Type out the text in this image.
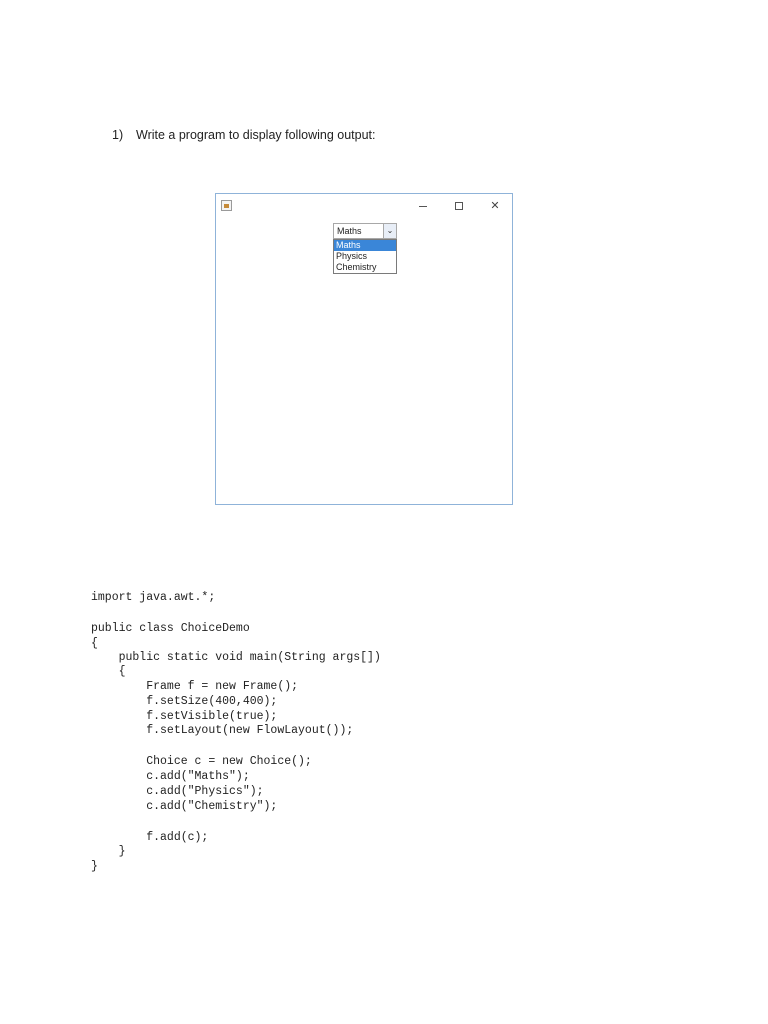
1) Write a program to display following output:
✕
Maths	⌄
Maths
Physics
Chemistry
import java.awt.*;
public class ChoiceDemo
{
public static void main(String args[])
{
Frame f = new Frame();
f.setSize(400,400);
f.setVisible(true);
f.setLayout(new FlowLayout());
Choice c = new Choice();
c.add("Maths");
c.add("Physics");
c.add("Chemistry");
f.add(c);
}
}
